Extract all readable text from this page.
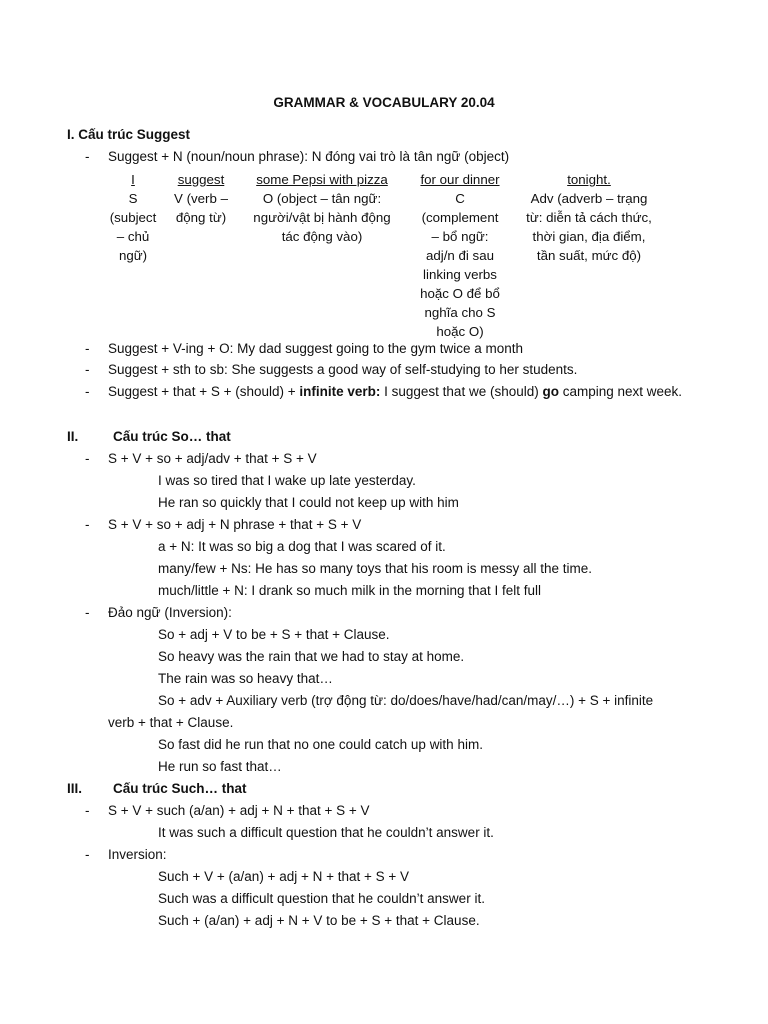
GRAMMAR & VOCABULARY 20.04
I. Cấu trúc Suggest
- Suggest + N (noun/noun phrase): N đóng vai trò là tân ngữ (object)
I
S
(subject
– chủ
ngữ)
suggest
V (verb –
động từ)
some Pepsi with pizza
O (object – tân ngữ:
người/vật bị hành động
tác động vào)
for our dinner
C
(complement
– bổ ngữ:
adj/n đi sau
linking verbs
hoặc O để bổ
nghĩa cho S
hoặc O)
tonight.
Adv (adverb – trạng
từ: diễn tả cách thức,
thời gian, địa điểm,
tần suất, mức độ)
- Suggest + V-ing + O: My dad suggest going to the gym twice a month
- Suggest + sth to sb: She suggests a good way of self-studying to her students.
- Suggest + that + S + (should) + infinite verb: I suggest that we (should) go camping next week.
II.	Cấu trúc So… that
- S + V + so + adj/adv + that + S + V
I was so tired that I wake up late yesterday.
He ran so quickly that I could not keep up with him
- S + V + so + adj + N phrase + that + S + V
a + N: It was so big a dog that I was scared of it.
many/few + Ns: He has so many toys that his room is messy all the time.
much/little + N: I drank so much milk in the morning that I felt full
- Đảo ngữ (Inversion):
So + adj + V to be + S + that + Clause.
So heavy was the rain that we had to stay at home.
The rain was so heavy that…
So + adv + Auxiliary verb (trợ động từ: do/does/have/had/can/may/…) + S + infinite
verb + that + Clause.
So fast did he run that no one could catch up with him.
He run so fast that…
III. Cấu trúc Such… that
- S + V + such (a/an) + adj + N + that + S + V
It was such a difficult question that he couldn’t answer it.
- Inversion:
Such + V + (a/an) + adj + N + that + S + V
Such was a difficult question that he couldn’t answer it.
Such + (a/an) + adj + N + V to be + S + that + Clause.
